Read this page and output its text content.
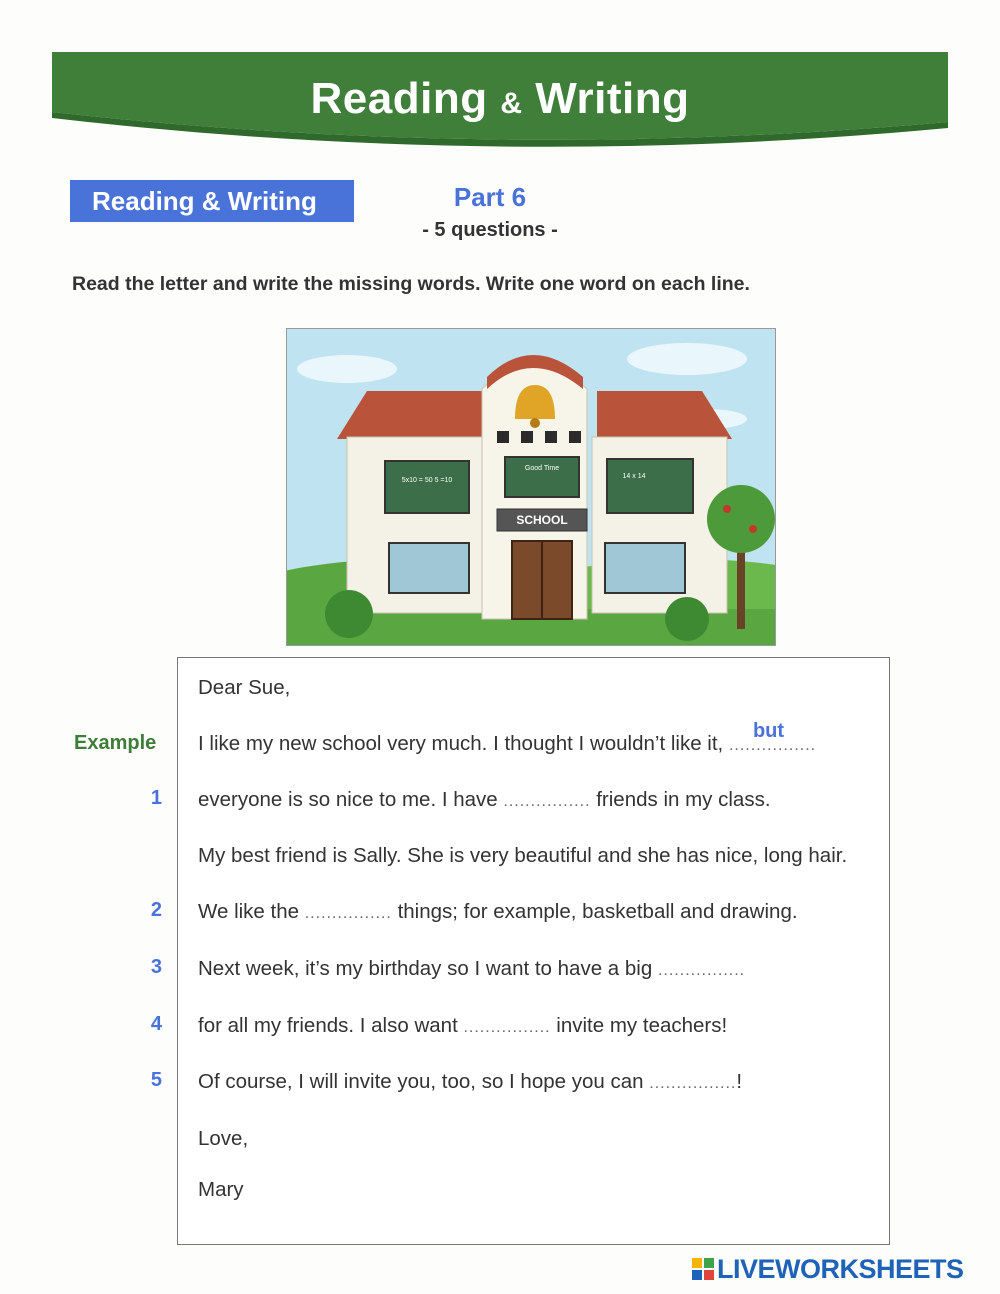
Reading & Writing
Reading & Writing	Part 6
- 5 questions -
Read the letter and write the missing words. Write one word on each line.
SCHOOL
5x10 = 50 5 =10
Good Time
14 x 14
Example
Dear Sue,
I like my new school very much. I thought I wouldn’t like it, ................
but
1 everyone is so nice to me. I have ................ friends in my class.
My best friend is Sally. She is very beautiful and she has nice, long hair.
2 We like the ................ things; for example, basketball and drawing.
3 Next week, it’s my birthday so I want to have a big ................
4 for all my friends. I also want ................ invite my teachers!
5 Of course, I will invite you, too, so I hope you can ................!
Love,
Mary
LIVEWORKSHEETS
